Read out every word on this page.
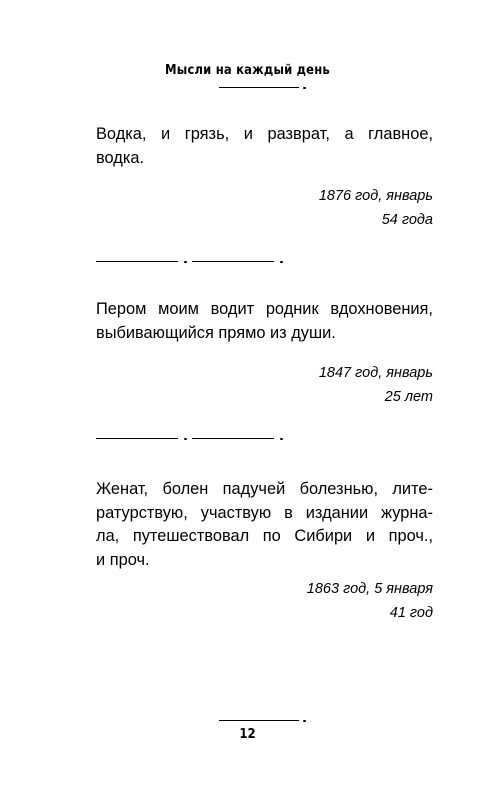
Мысли на каждый день

Водка, и грязь, и разврат, а главное,
водка.

1876 год, январь
54 года

Пером моим водит родник вдохновения,
выбивающийся прямо из души.

1847 год, январь
25 лет

Женат, болен падучей болезнью, лите-
ратурствую, участвую в издании журна-
ла, путешествовал по Сибири и проч.,
и проч.

1863 год, 5 января
41 год

12
